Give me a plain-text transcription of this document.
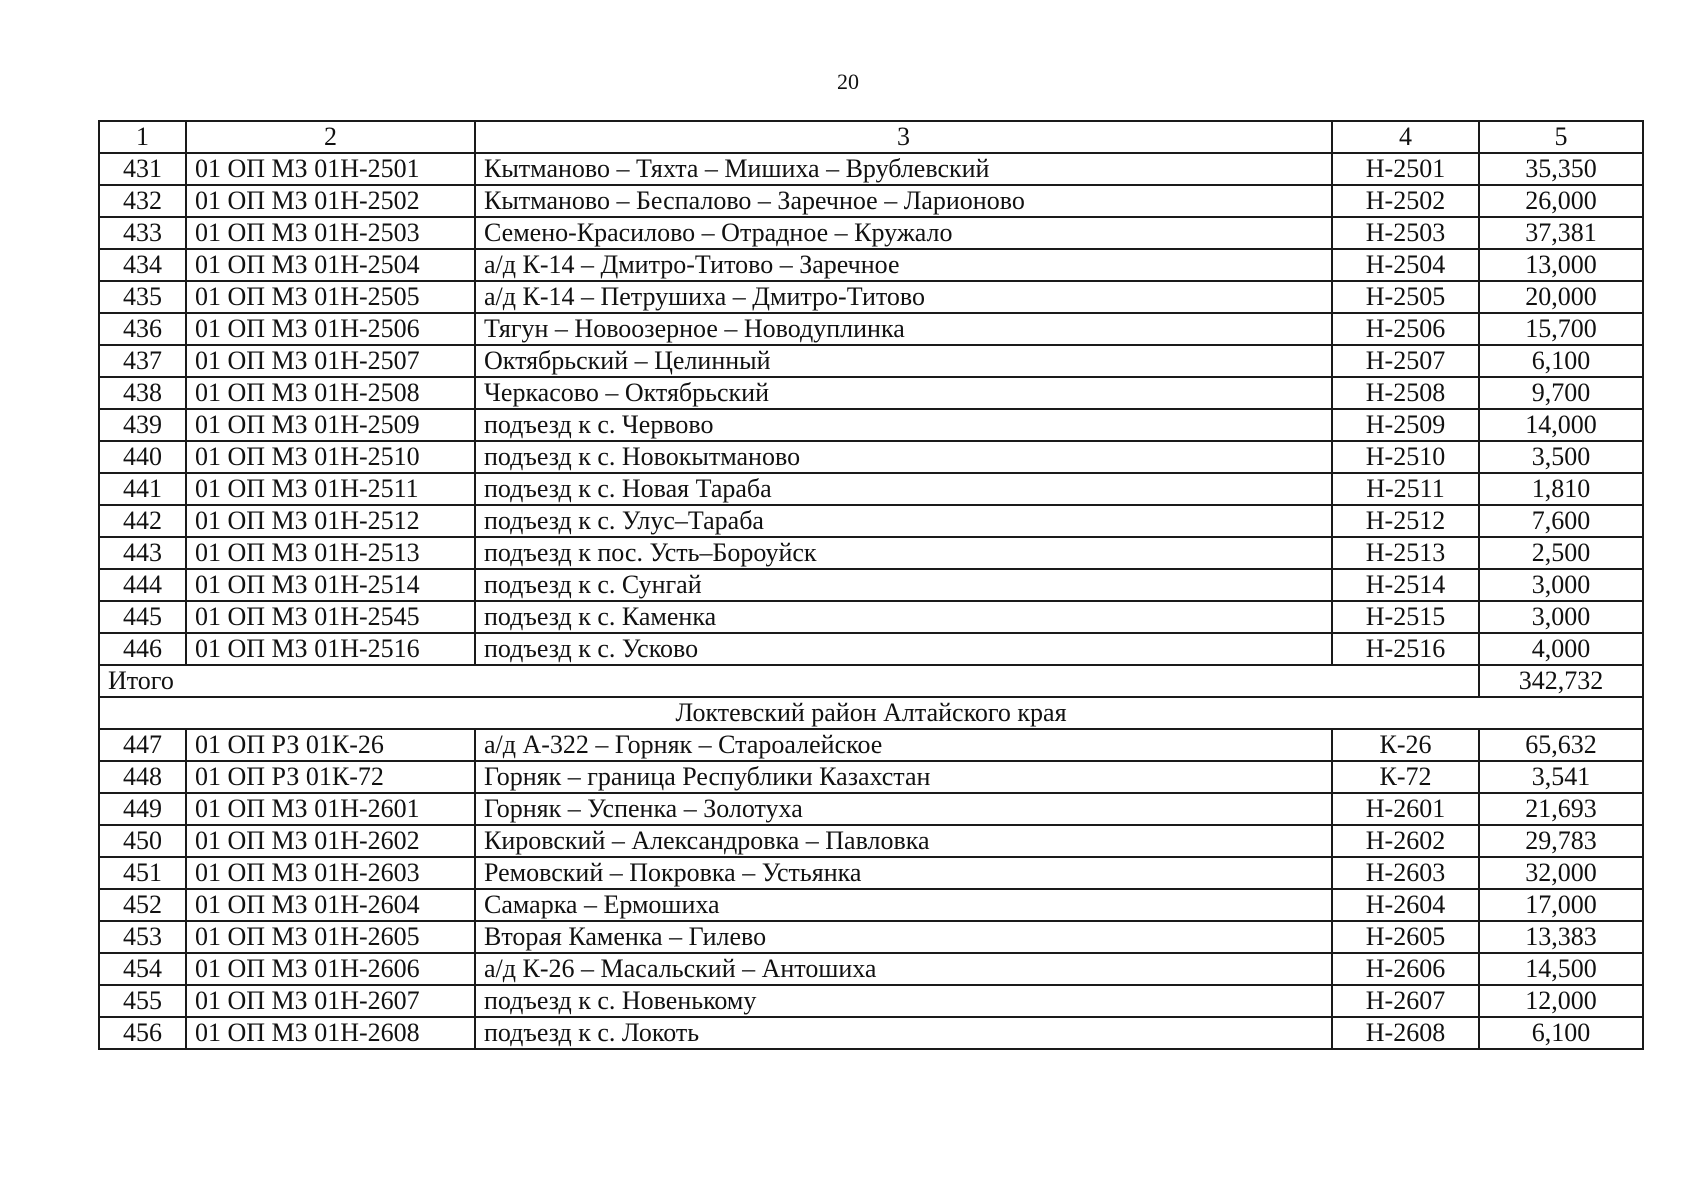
20
1	2	3	4	5
431	01 ОП МЗ 01Н-2501	Кытманово – Тяхта – Мишиха – Врублевский	Н-2501	35,350
432	01 ОП МЗ 01Н-2502	Кытманово – Беспалово – Заречное – Ларионово	Н-2502	26,000
433	01 ОП МЗ 01Н-2503	Семено-Красилово – Отрадное – Кружало	Н-2503	37,381
434	01 ОП МЗ 01Н-2504	а/д К-14 – Дмитро-Титово – Заречное	Н-2504	13,000
435	01 ОП МЗ 01Н-2505	а/д К-14 – Петрушиха – Дмитро-Титово	Н-2505	20,000
436	01 ОП МЗ 01Н-2506	Тягун – Новоозерное – Новодуплинка	Н-2506	15,700
437	01 ОП МЗ 01Н-2507	Октябрьский – Целинный	Н-2507	6,100
438	01 ОП МЗ 01Н-2508	Черкасово – Октябрьский	Н-2508	9,700
439	01 ОП МЗ 01Н-2509	подъезд к с. Червово	Н-2509	14,000
440	01 ОП МЗ 01Н-2510	подъезд к с. Новокытманово	Н-2510	3,500
441	01 ОП МЗ 01Н-2511	подъезд к с. Новая Тараба	Н-2511	1,810
442	01 ОП МЗ 01Н-2512	подъезд к с. Улус–Тараба	Н-2512	7,600
443	01 ОП МЗ 01Н-2513	подъезд к пос. Усть–Бороуйск	Н-2513	2,500
444	01 ОП МЗ 01Н-2514	подъезд к с. Сунгай	Н-2514	3,000
445	01 ОП МЗ 01Н-2545	подъезд к с. Каменка	Н-2515	3,000
446	01 ОП МЗ 01Н-2516	подъезд к с. Усково	Н-2516	4,000
Итого				342,732
Локтевский район Алтайского края				
447	01 ОП РЗ 01К-26	а/д А-322 – Горняк – Староалейское	К-26	65,632
448	01 ОП РЗ 01К-72	Горняк – граница Республики Казахстан	К-72	3,541
449	01 ОП МЗ 01Н-2601	Горняк – Успенка – Золотуха	Н-2601	21,693
450	01 ОП МЗ 01Н-2602	Кировский – Александровка – Павловка	Н-2602	29,783
451	01 ОП МЗ 01Н-2603	Ремовский – Покровка – Устьянка	Н-2603	32,000
452	01 ОП МЗ 01Н-2604	Самарка – Ермошиха	Н-2604	17,000
453	01 ОП МЗ 01Н-2605	Вторая Каменка – Гилево	Н-2605	13,383
454	01 ОП МЗ 01Н-2606	а/д К-26 – Масальский – Антошиха	Н-2606	14,500
455	01 ОП МЗ 01Н-2607	подъезд к с. Новенькому	Н-2607	12,000
456	01 ОП МЗ 01Н-2608	подъезд к с. Локоть	Н-2608	6,100
